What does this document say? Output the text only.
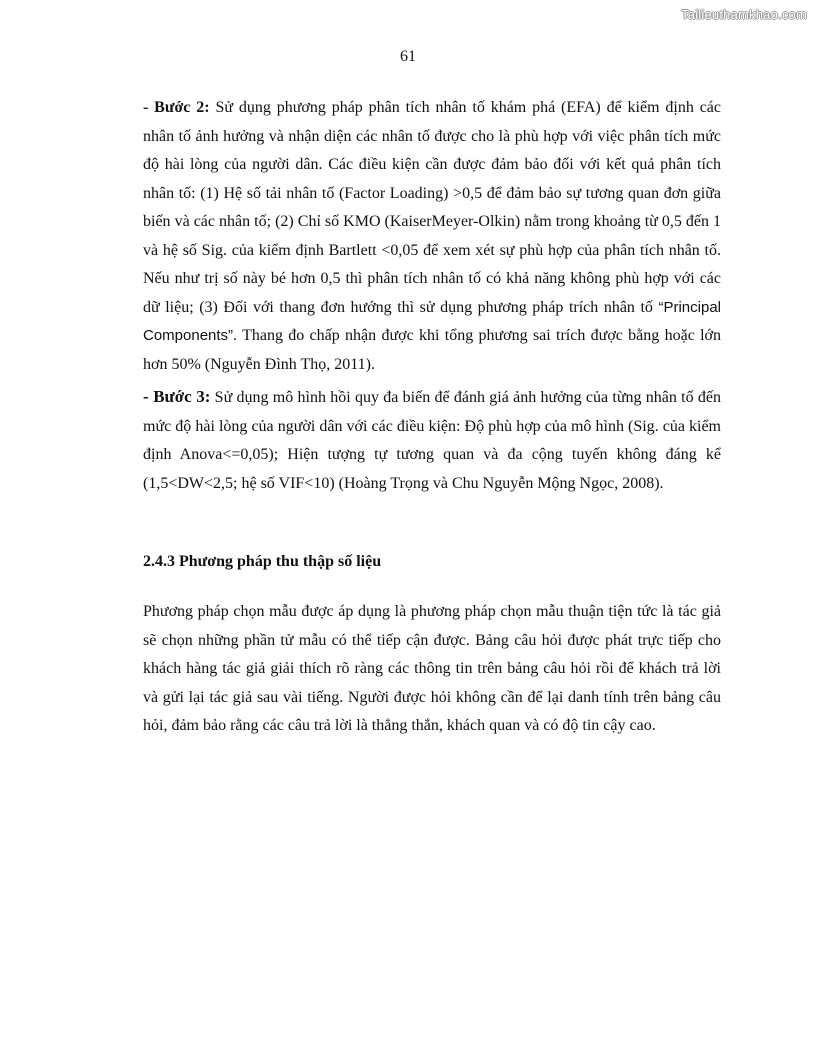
Tailieuthamkhao.com
61

- Bước 2: Sử dụng phương pháp phân tích nhân tố khám phá (EFA) để kiểm định các nhân tố ảnh hưởng và nhận diện các nhân tố được cho là phù hợp với việc phân tích mức độ hài lòng của người dân. Các điều kiện cần được đảm bảo đối với kết quả phân tích nhân tố: (1) Hệ số tải nhân tố (Factor Loading) >0,5 để đảm bảo sự tương quan đơn giữa biến và các nhân tố; (2) Chỉ số KMO (KaiserMeyer-Olkin) nằm trong khoảng từ 0,5 đến 1 và hệ số Sig. của kiểm định Bartlett <0,05 để xem xét sự phù hợp của phân tích nhân tố. Nếu như trị số này bé hơn 0,5 thì phân tích nhân tố có khả năng không phù hợp với các dữ liệu; (3) Đối với thang đơn hướng thì sử dụng phương pháp trích nhân tố “Principal Components”. Thang đo chấp nhận được khi tổng phương sai trích được bằng hoặc lớn hơn 50% (Nguyễn Đình Thọ, 2011).

- Bước 3: Sử dụng mô hình hồi quy đa biến để đánh giá ảnh hưởng của từng nhân tố đến mức độ hài lòng của người dân với các điều kiện: Độ phù hợp của mô hình (Sig. của kiểm định Anova<=0,05); Hiện tượng tự tương quan và đa cộng tuyến không đáng kể (1,5<DW<2,5; hệ số VIF<10) (Hoàng Trọng và Chu Nguyễn Mộng Ngọc, 2008).

2.4.3 Phương pháp thu thập số liệu

Phương pháp chọn mẫu được áp dụng là phương pháp chọn mẫu thuận tiện tức là tác giả sẽ chọn những phần tử mẫu có thể tiếp cận được. Bảng câu hỏi được phát trực tiếp cho khách hàng tác giả giải thích rõ ràng các thông tin trên bảng câu hỏi rồi để khách trả lời và gửi lại tác giả sau vài tiếng. Người được hỏi không cần để lại danh tính trên bảng câu hỏi, đảm bảo rằng các câu trả lời là thẳng thắn, khách quan và có độ tin cậy cao.
